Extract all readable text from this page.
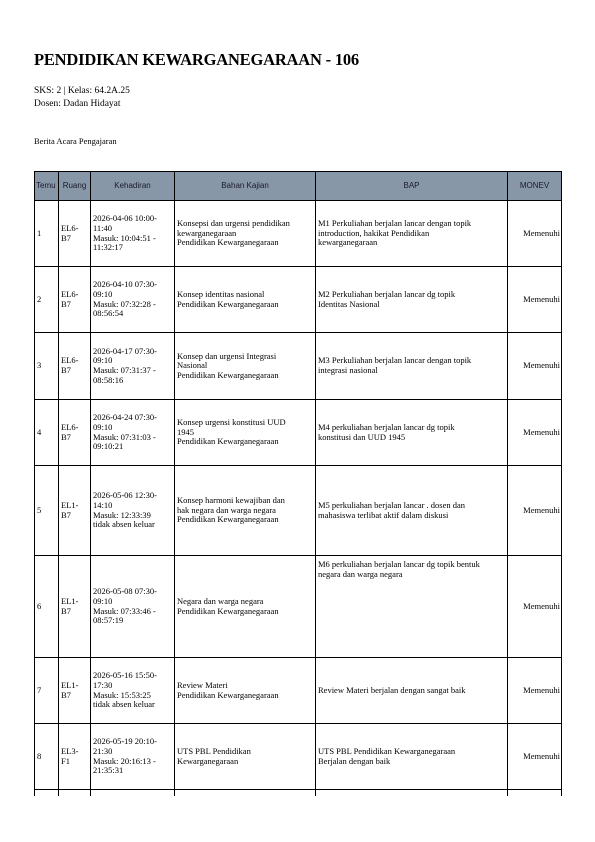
PENDIDIKAN KEWARGANEGARAAN - 106
SKS: 2 | Kelas: 64.2A.25
Dosen: Dadan Hidayat
Berita Acara Pengajaran
Temu	Ruang	Kehadiran	Bahan Kajian	BAP	MONEV
1	EL6-
B7	2026-04-06 10:00-
11:40
Masuk: 10:04:51 -
11:32:17	Konsepsi dan urgensi pendidikan
kewarganegaraan
Pendidikan Kewarganegaraan	M1 Perkuliahan berjalan lancar dengan topik
introduction, hakikat Pendidikan
kewarganegaraan	Memenuhi
2	EL6-
B7	2026-04-10 07:30-
09:10
Masuk: 07:32:28 -
08:56:54	Konsep identitas nasional
Pendidikan Kewarganegaraan	M2 Perkuliahan berjalan lancar dg topik
Identitas Nasional	Memenuhi
3	EL6-
B7	2026-04-17 07:30-
09:10
Masuk: 07:31:37 -
08:58:16	Konsep dan urgensi Integrasi
Nasional
Pendidikan Kewarganegaraan	M3 Perkuliahan berjalan lancar dengan topik
integrasi nasional	Memenuhi
4	EL6-
B7	2026-04-24 07:30-
09:10
Masuk: 07:31:03 -
09:10:21	Konsep urgensi konstitusi UUD
1945
Pendidikan Kewarganegaraan	M4 perkuliahan berjalan lancar dg topik
konstitusi dan UUD 1945	Memenuhi
5	EL1-
B7	2026-05-06 12:30-
14:10
Masuk: 12:33:39
tidak absen keluar	Konsep harmoni kewajiban dan
hak negara dan warga negara
Pendidikan Kewarganegaraan	M5 perkuliahan berjalan lancar . dosen dan
mahasiswa terlibat aktif dalam diskusi	Memenuhi
6	EL1-
B7	2026-05-08 07:30-
09:10
Masuk: 07:33:46 -
08:57:19	Negara dan warga negara
Pendidikan Kewarganegaraan	M6 perkuliahan berjalan lancar dg topik bentuk
negara dan warga negara	Memenuhi
7	EL1-
B7	2026-05-16 15:50-
17:30
Masuk: 15:53:25
tidak absen keluar	Review Materi
Pendidikan Kewarganegaraan	Review Materi berjalan dengan sangat baik	Memenuhi
8	EL3-
F1	2026-05-19 20:10-
21:30
Masuk: 20:16:13 -
21:35:31	UTS PBL Pendidikan
Kewarganegaraan	UTS PBL Pendidikan Kewarganegaraan
Berjalan dengan baik	Memenuhi
